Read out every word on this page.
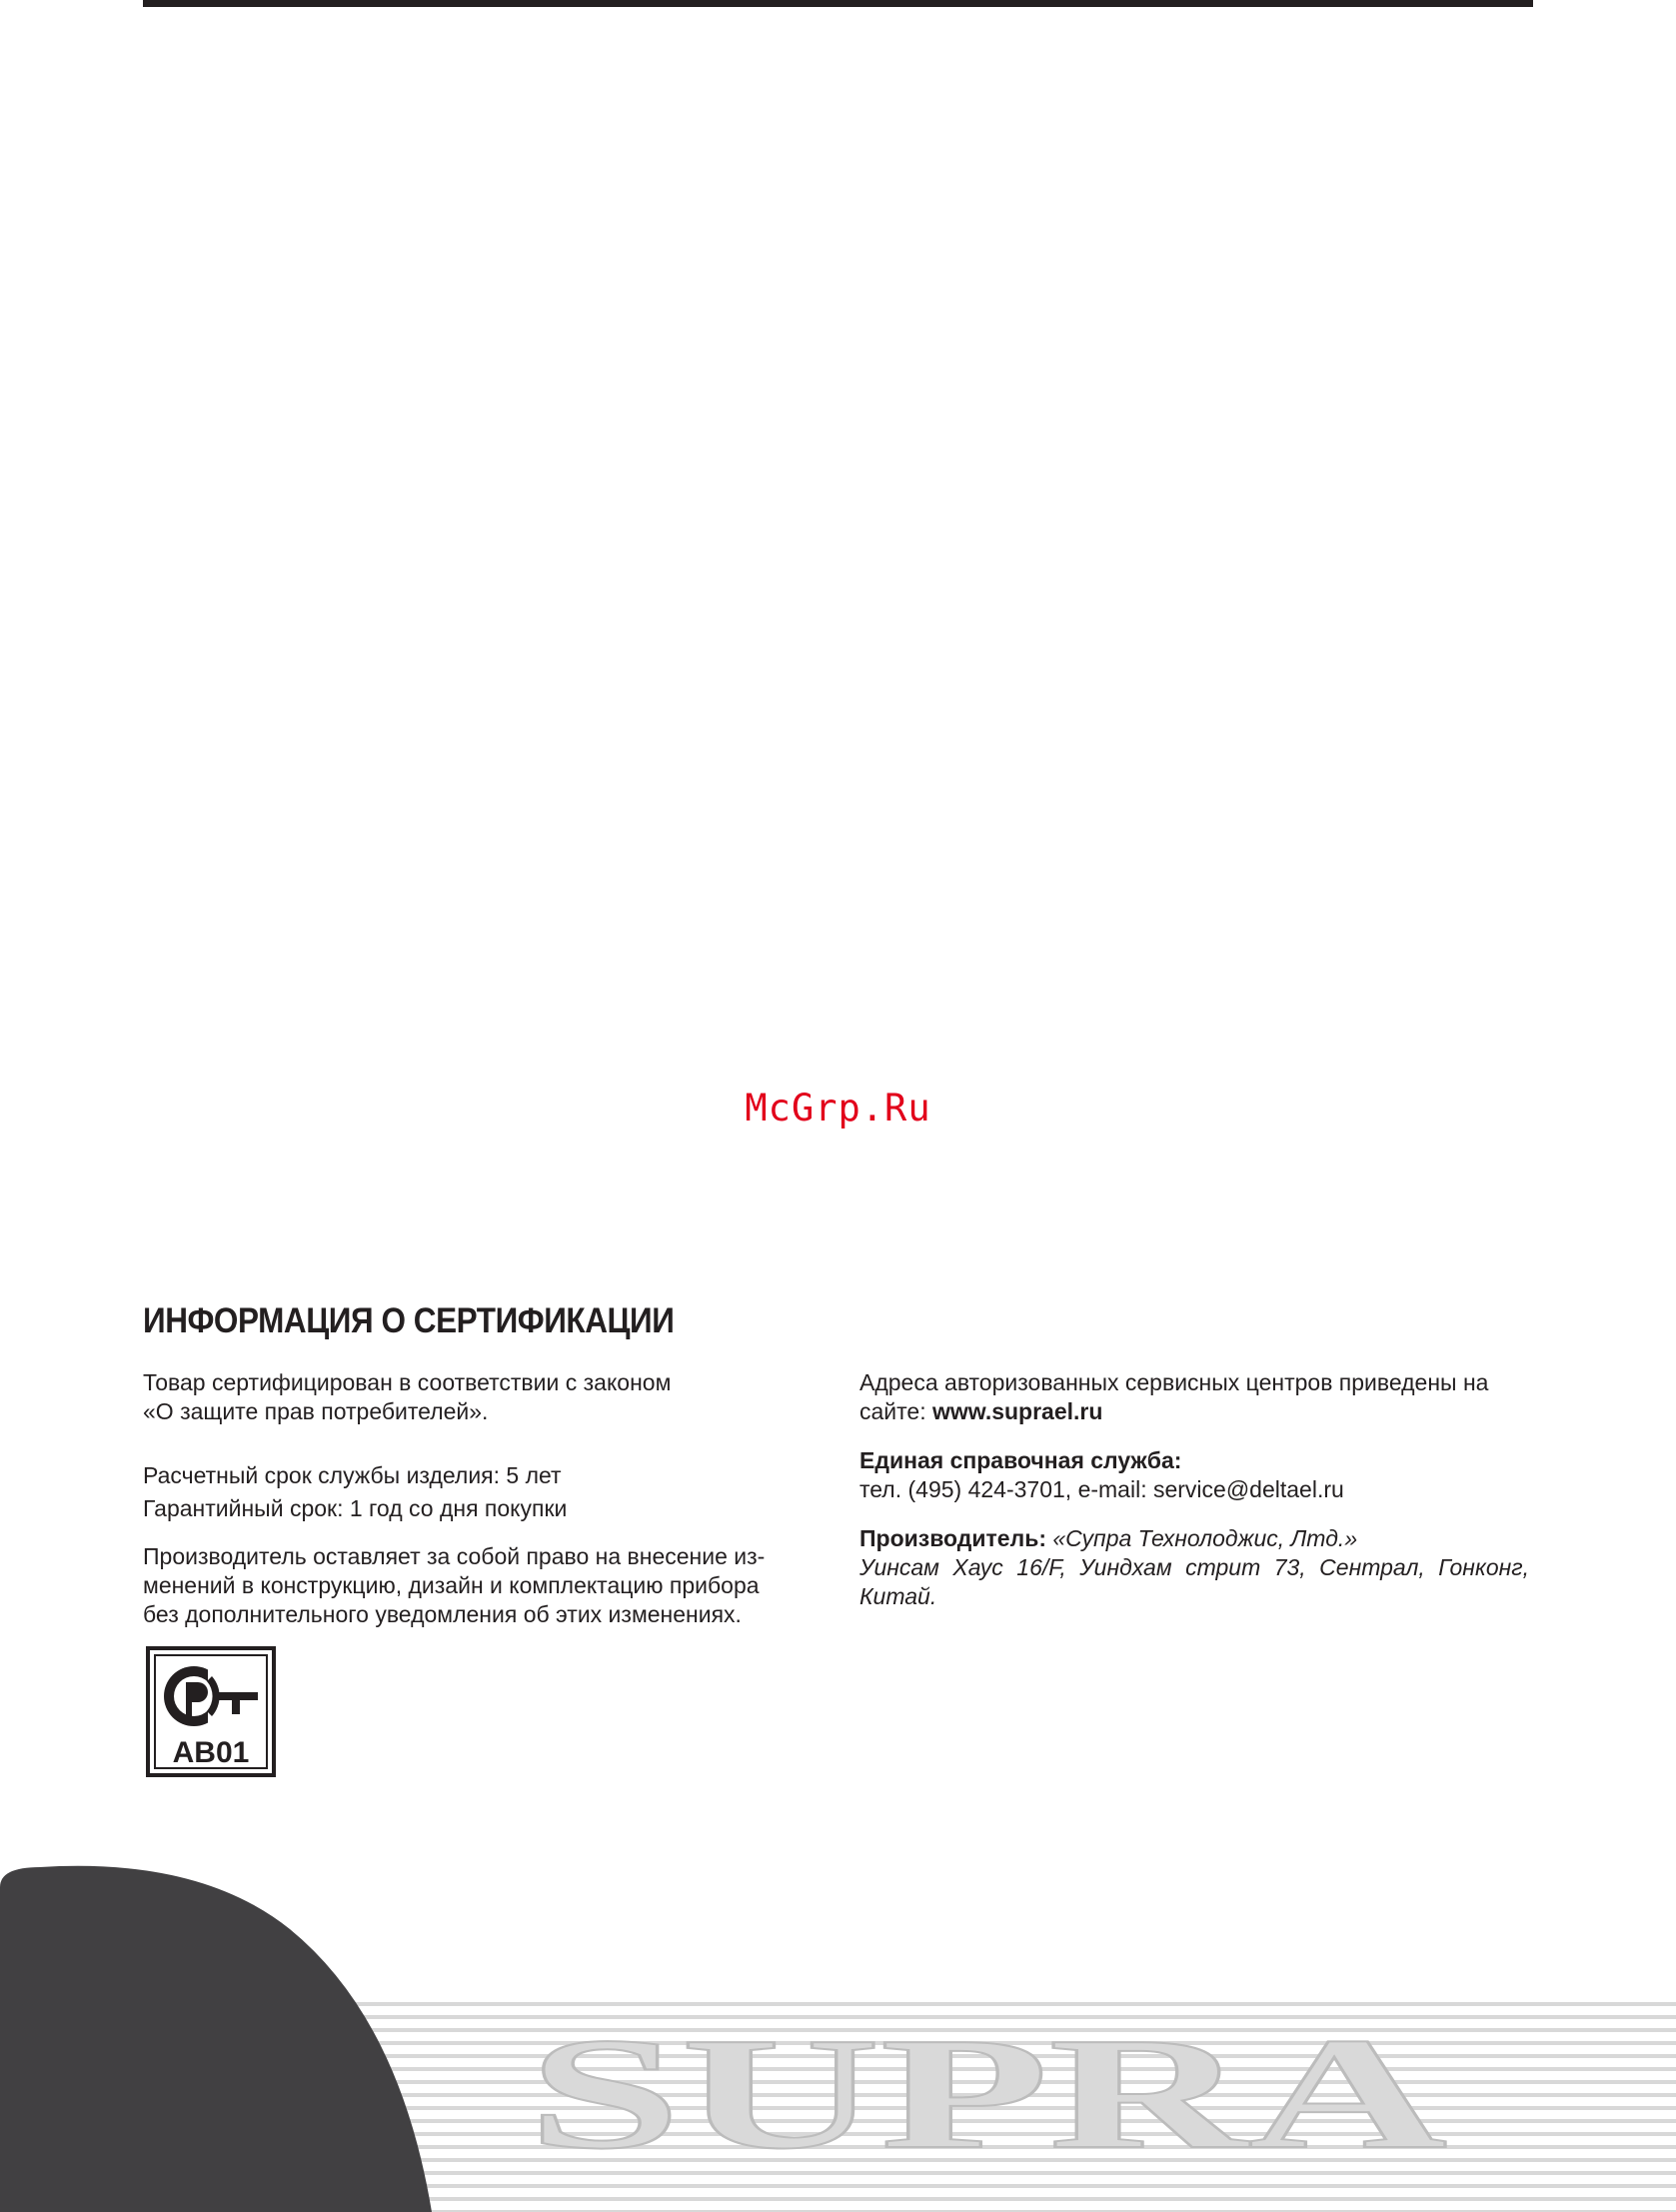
McGrp.Ru
ИНФОРМАЦИЯ О СЕРТИФИКАЦИИ

Товар сертифицирован в соответствии с законом
«О защите прав потребителей».

Расчетный срок службы изделия: 5 лет
Гарантийный срок: 1 год со дня покупки

Производитель оставляет за собой право на внесение из-
менений в конструкцию, дизайн и комплектацию прибора
без дополнительного уведомления об этих изменениях.

Адреса авторизованных сервисных центров приведены на
сайте: www.suprael.ru

Единая справочная служба:
тел. (495) 424-3701, e-mail: service@deltael.ru

Производитель: «Супра Технолоджис, Лтд.»
Уинсам Хаус 16/F, Уиндхам стрит 73, Сентрал, Гонконг, Китай.

АВ01
SUPRA
